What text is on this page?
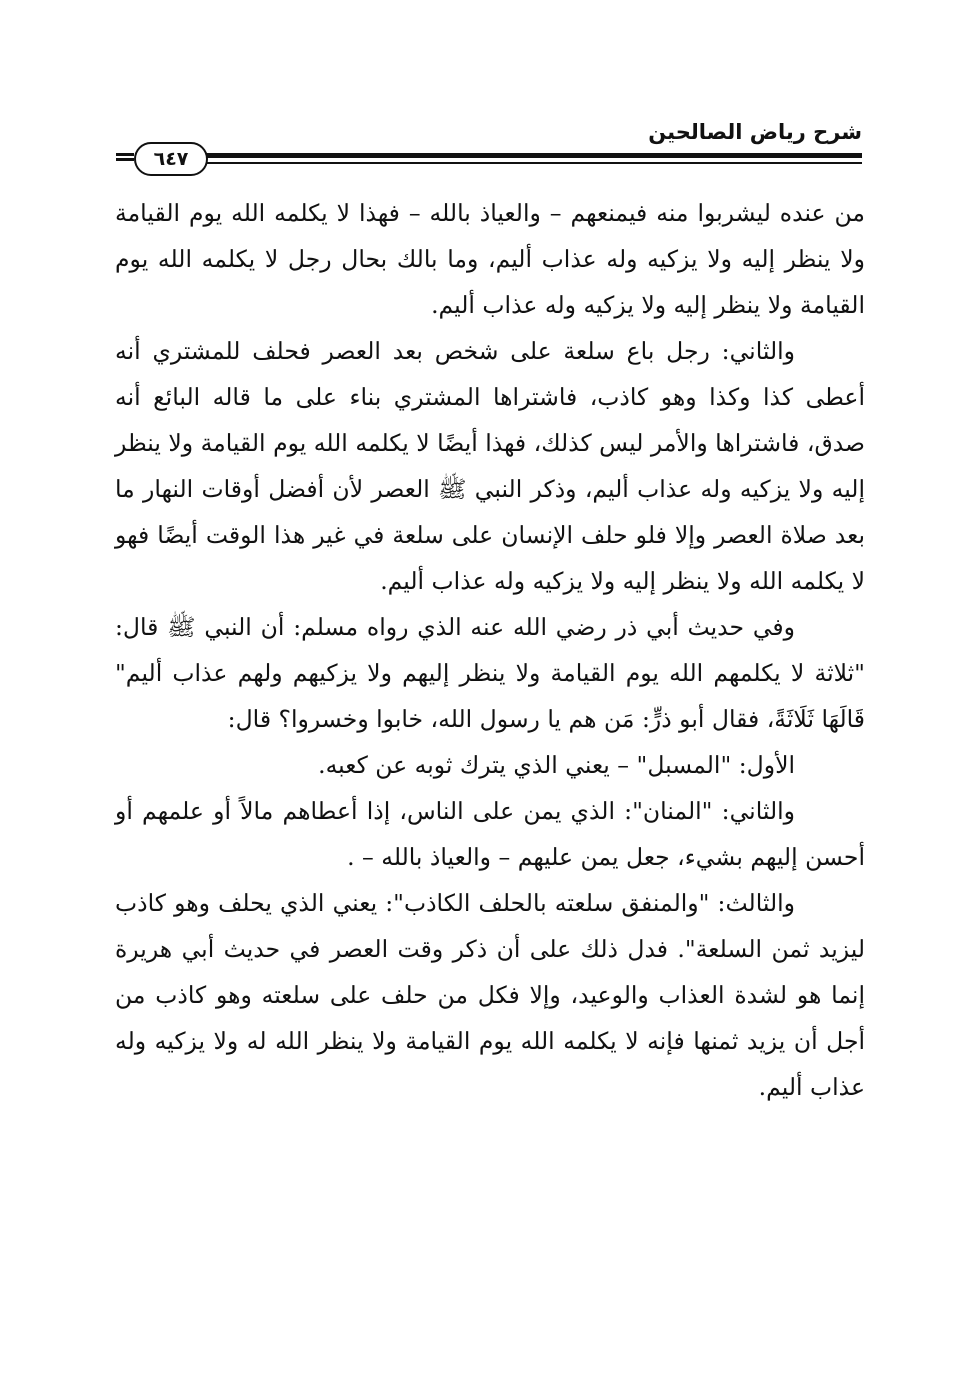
شرح رياض الصالحين
٦٤٧

من عنده ليشربوا منه فيمنعهم – والعياذ بالله – فهذا لا يكلمه الله يوم القيامة ولا ينظر إليه ولا يزكيه وله عذاب أليم، وما بالك بحال رجل لا يكلمه الله يوم القيامة ولا ينظر إليه ولا يزكيه وله عذاب أليم.

والثاني: رجل باع سلعة على شخص بعد العصر فحلف للمشتري أنه أعطى كذا وكذا وهو كاذب، فاشتراها المشتري بناء على ما قاله البائع أنه صدق، فاشتراها والأمر ليس كذلك، فهذا أيضًا لا يكلمه الله يوم القيامة ولا ينظر إليه ولا يزكيه وله عذاب أليم، وذكر النبي ﷺ العصر لأن أفضل أوقات النهار ما بعد صلاة العصر وإلا فلو حلف الإنسان على سلعة في غير هذا الوقت أيضًا فهو لا يكلمه الله ولا ينظر إليه ولا يزكيه وله عذاب أليم.

وفي حديث أبي ذر رضي الله عنه الذي رواه مسلم: أن النبي ﷺ قال: "ثلاثة لا يكلمهم الله يوم القيامة ولا ينظر إليهم ولا يزكيهم ولهم عذاب أليم" قَالَهَا ثَلَاثَةً، فقال أبو ذرٍّ: مَن هم يا رسول الله، خابوا وخسروا؟ قال:

الأول: "المسبل" – يعني الذي يترك ثوبه عن كعبه.

والثاني: "المنان": الذي يمن على الناس، إذا أعطاهم مالاً أو علمهم أو أحسن إليهم بشيء، جعل يمن عليهم – والعياذ بالله – .

والثالث: "والمنفق سلعته بالحلف الكاذب": يعني الذي يحلف وهو كاذب ليزيد ثمن السلعة". فدل ذلك على أن ذكر وقت العصر في حديث أبي هريرة إنما هو لشدة العذاب والوعيد، وإلا فكل من حلف على سلعته وهو كاذب من أجل أن يزيد ثمنها فإنه لا يكلمه الله يوم القيامة ولا ينظر الله له ولا يزكيه وله عذاب أليم.
